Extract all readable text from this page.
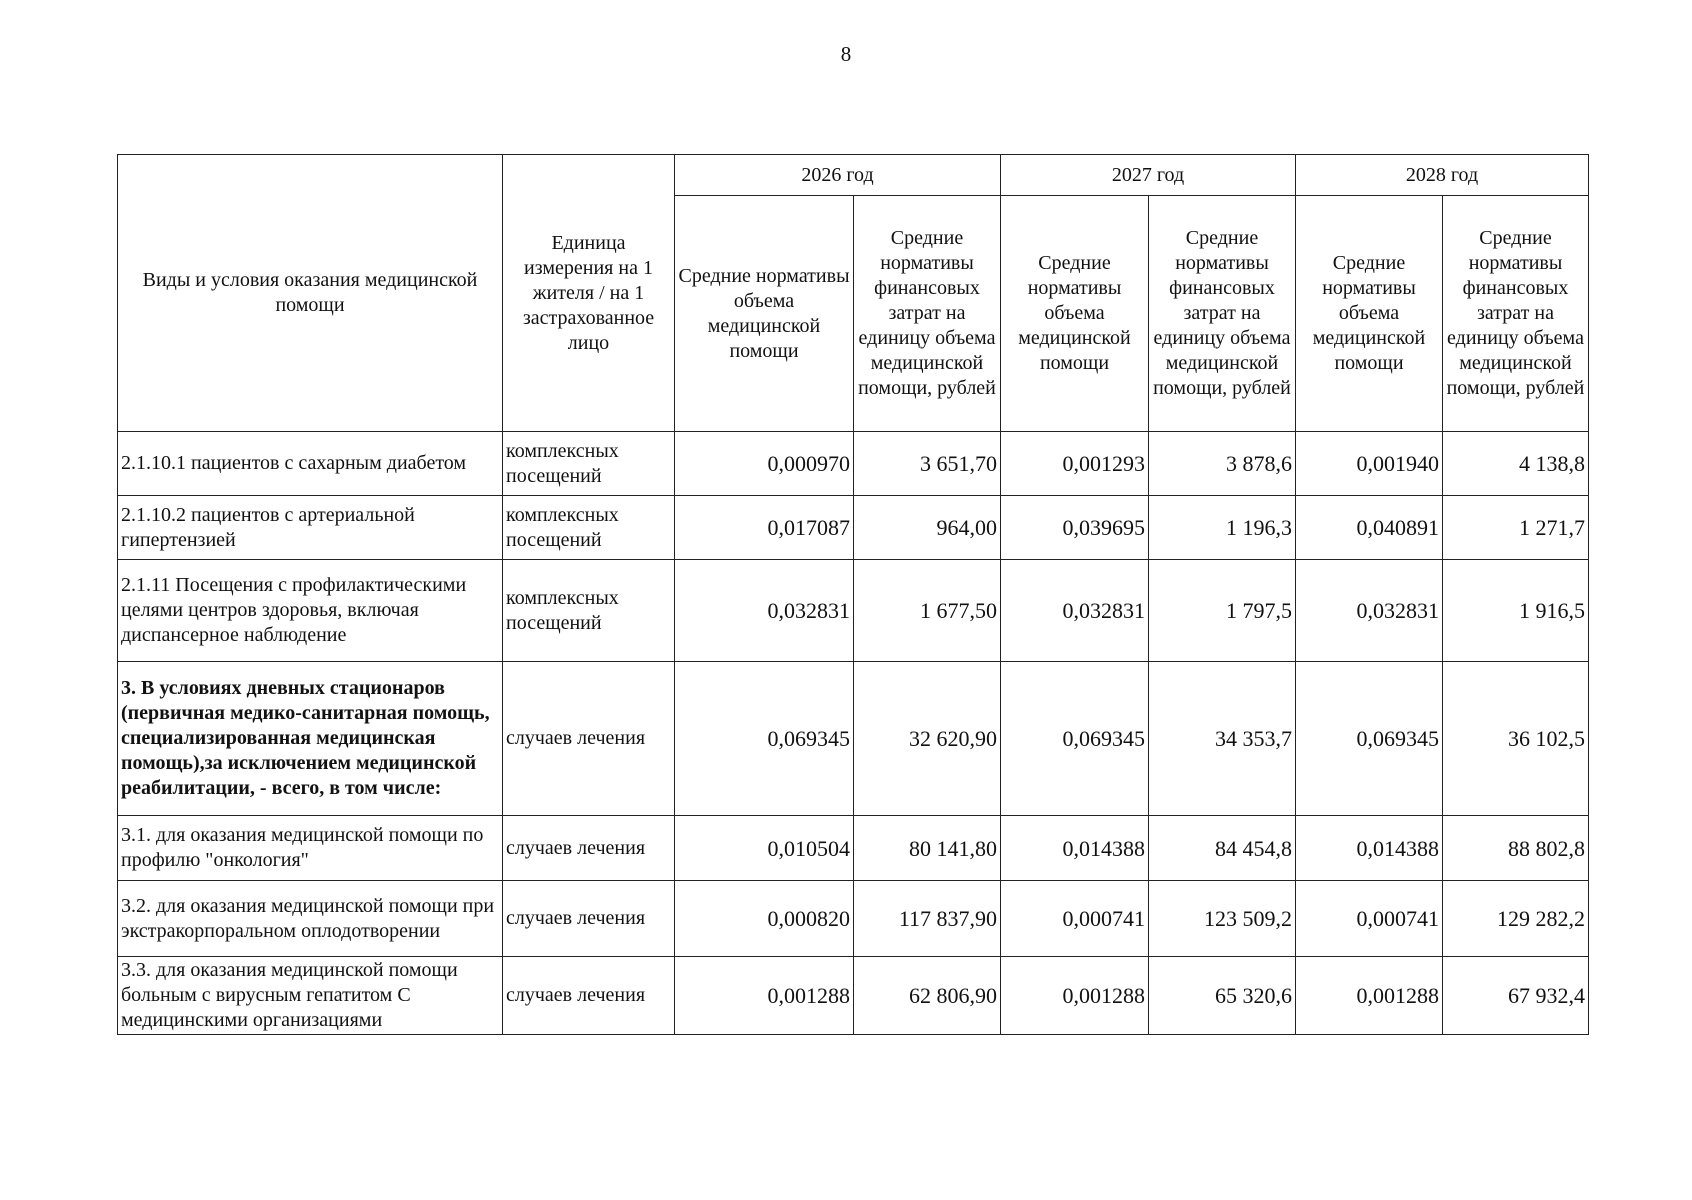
8
Виды и условия оказания медицинской помощи	Единица измерения на 1 жителя / на 1 застрахованное лицо	2026 год		2027 год		2028 год	
		Средние нормативы объема медицинской помощи	Средние нормативы финансовых затрат на единицу объема медицинской помощи, рублей	Средние нормативы объема медицинской помощи	Средние нормативы финансовых затрат на единицу объема медицинской помощи, рублей	Средние нормативы объема медицинской помощи	Средние нормативы финансовых затрат на единицу объема медицинской помощи, рублей
2.1.10.1 пациентов с сахарным диабетом	комплексных посещений	0,000970	3 651,70	0,001293	3 878,6	0,001940	4 138,8
2.1.10.2 пациентов с артериальной гипертензией	комплексных посещений	0,017087	964,00	0,039695	1 196,3	0,040891	1 271,7
2.1.11 Посещения с профилактическими целями центров здоровья, включая диспансерное наблюдение	комплексных посещений	0,032831	1 677,50	0,032831	1 797,5	0,032831	1 916,5
3. В условиях дневных стационаров (первичная медико-санитарная помощь, специализированная медицинская помощь),за исключением медицинской реабилитации, - всего, в том числе:	случаев лечения	0,069345	32 620,90	0,069345	34 353,7	0,069345	36 102,5
3.1. для оказания медицинской помощи по профилю "онкология"	случаев лечения	0,010504	80 141,80	0,014388	84 454,8	0,014388	88 802,8
3.2. для оказания медицинской помощи при экстракорпоральном оплодотворении	случаев лечения	0,000820	117 837,90	0,000741	123 509,2	0,000741	129 282,2
3.3. для оказания медицинской помощи больным с вирусным гепатитом С медицинскими организациями	случаев лечения	0,001288	62 806,90	0,001288	65 320,6	0,001288	67 932,4
